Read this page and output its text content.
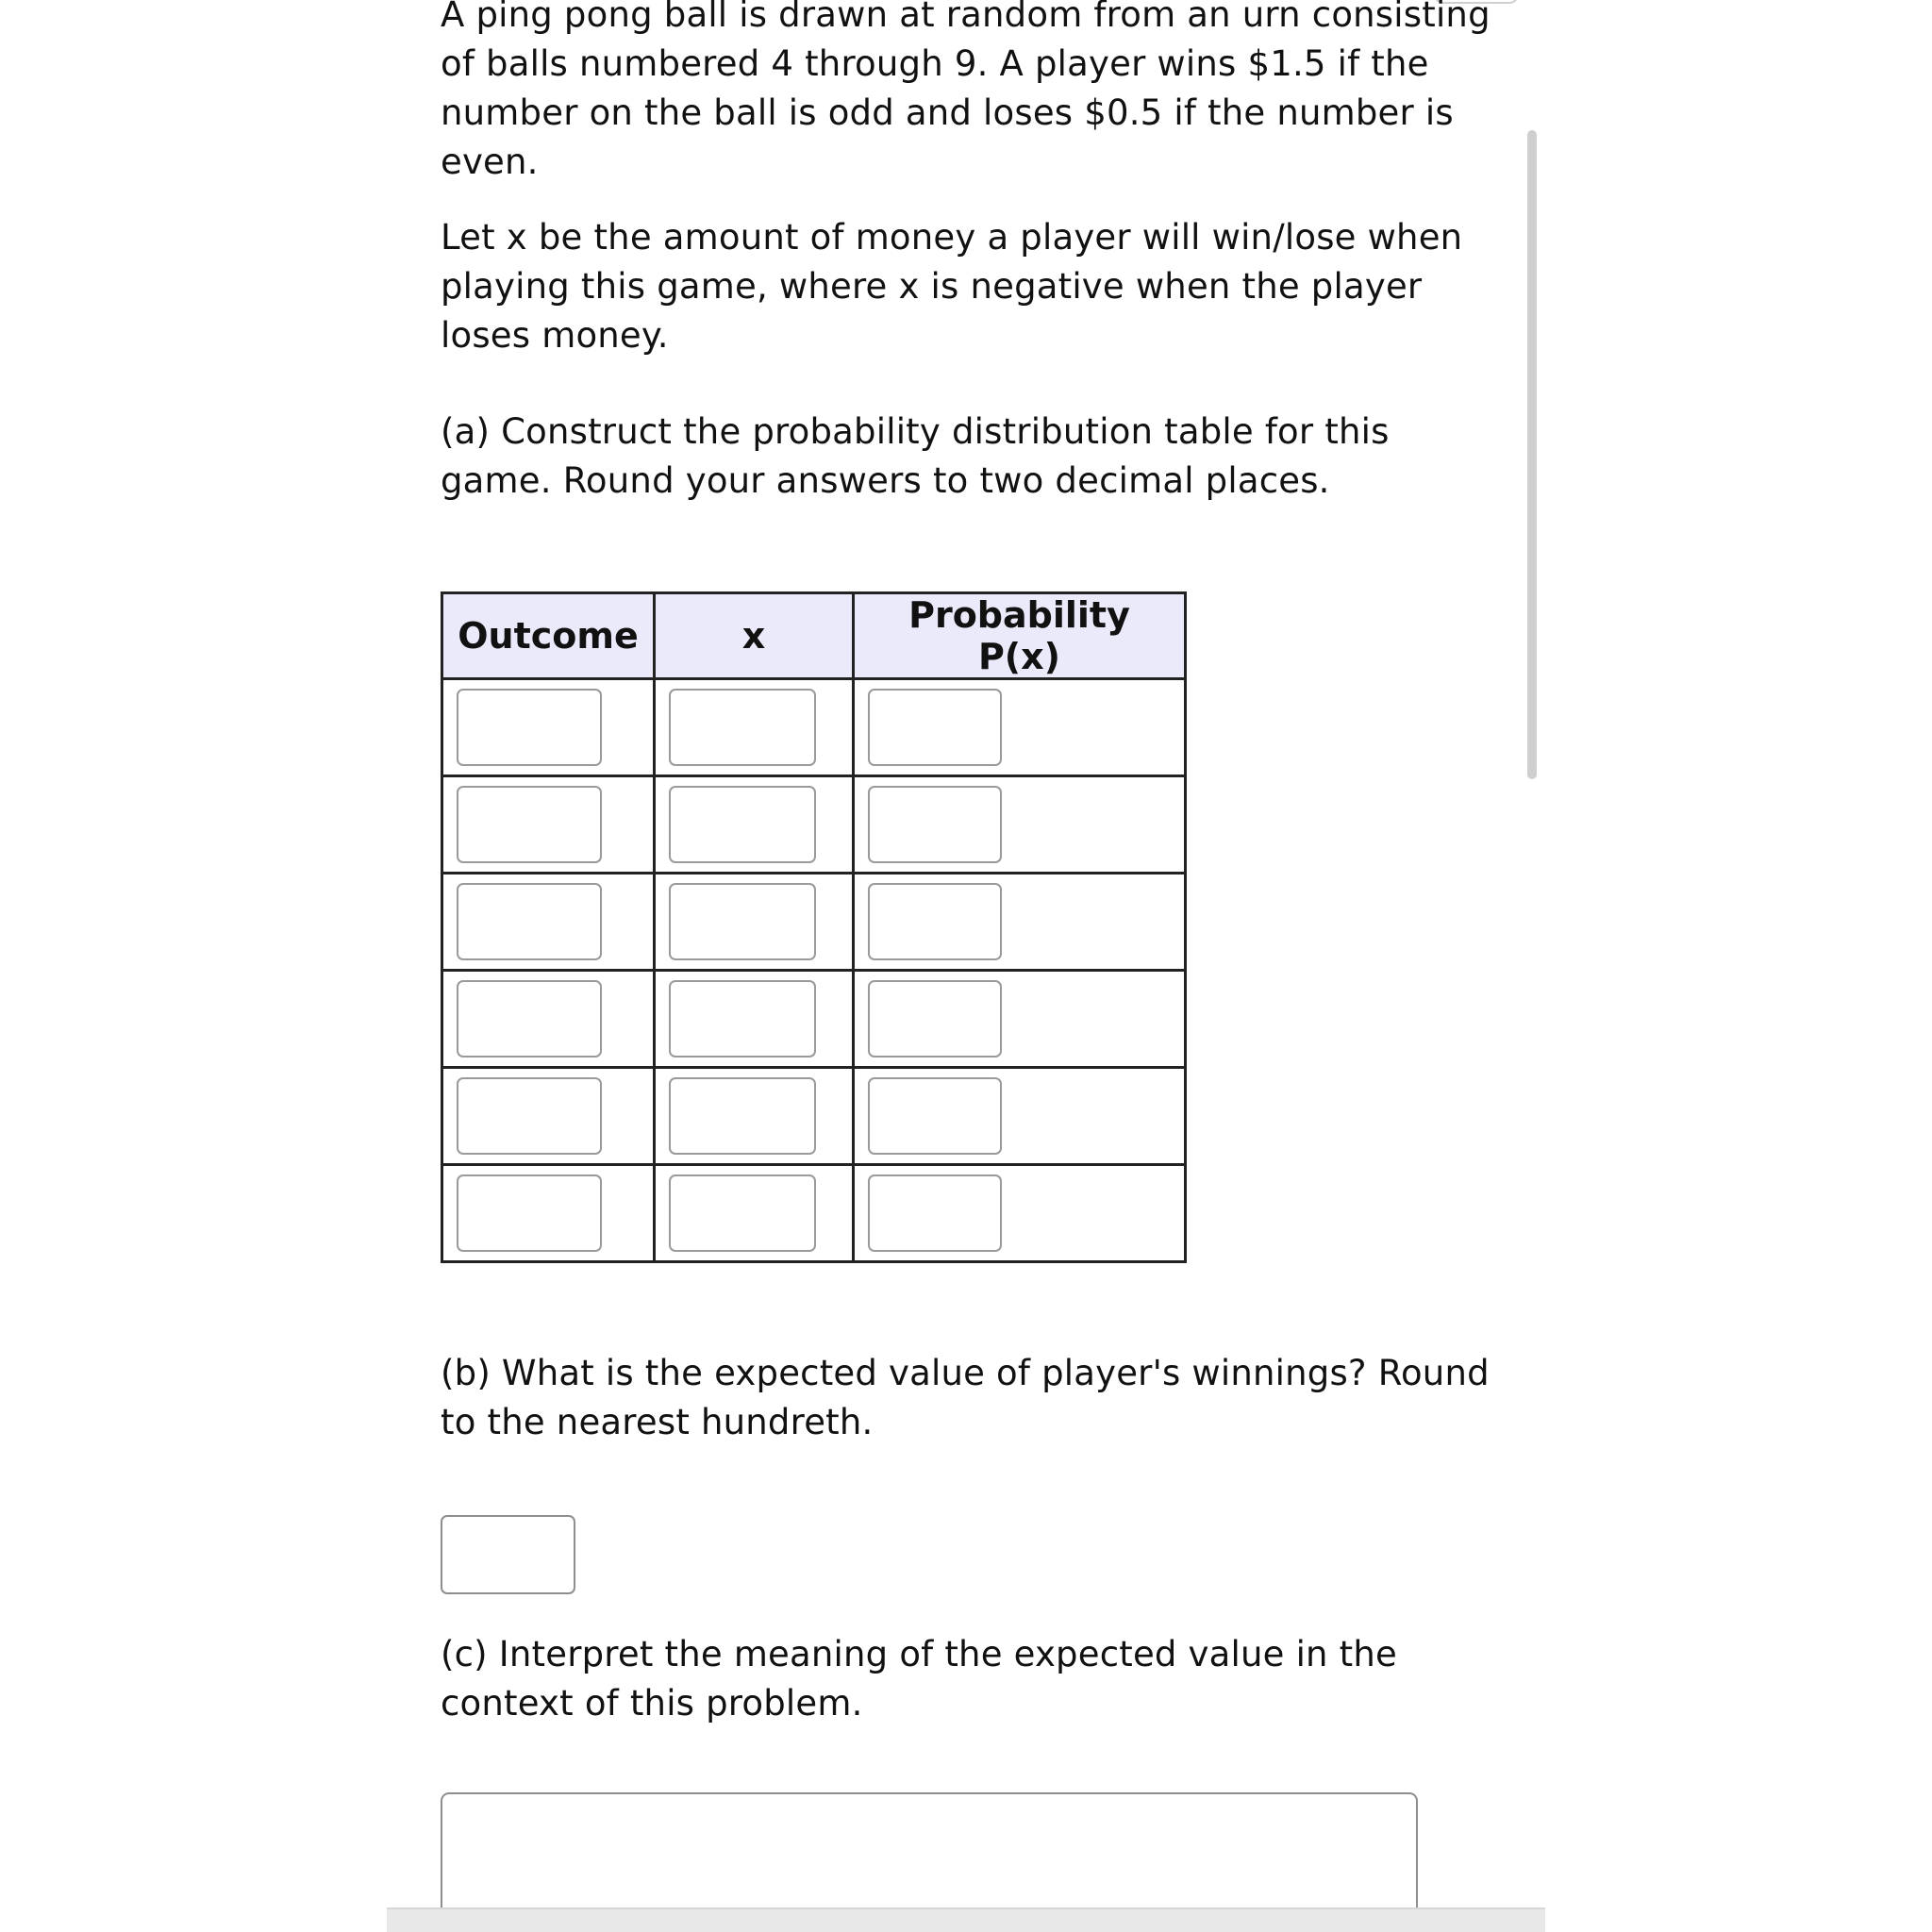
A ping pong ball is drawn at random from an urn consisting of balls numbered 4 through 9. A player wins $1.5 if the number on the ball is odd and loses $0.5 if the number is even.

Let x be the amount of money a player will win/lose when playing this game, where x is negative when the player loses money.

(a) Construct the probability distribution table for this game. Round your answers to two decimal places.

(b) What is the expected value of player's winnings? Round to the nearest hundreth.

(c) Interpret the meaning of the expected value in the context of this problem.

Outcome	x	Probability P(x)
